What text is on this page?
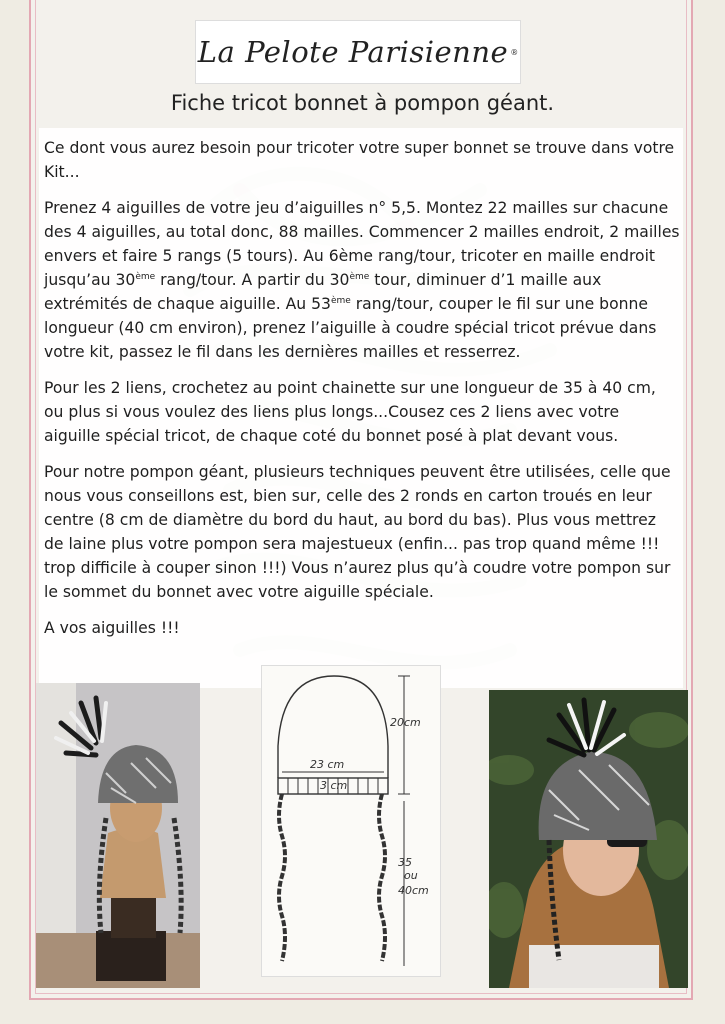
La Pelote Parisienne ®
Fiche tricot bonnet à pompon géant.

Ce dont vous aurez besoin pour tricoter votre super bonnet se trouve dans votre Kit...

Prenez 4 aiguilles de votre jeu d’aiguilles n° 5,5. Montez 22 mailles sur chacune des 4 aiguilles, au total donc, 88 mailles. Commencer 2 mailles endroit, 2 mailles envers et faire 5 rangs (5 tours). Au 6ème rang/tour, tricoter en maille endroit jusqu’au 30ème rang/tour. A partir du 30ème tour, diminuer d’1 maille aux extrémités de chaque aiguille. Au 53ème rang/tour, couper le fil sur une bonne longueur (40 cm environ), prenez l’aiguille à coudre spécial tricot prévue dans votre kit, passez le fil dans les dernières mailles et resserrez.

Pour les 2 liens, crochetez au point chainette sur une longueur de 35 à 40 cm, ou plus si vous voulez des liens plus longs...Cousez ces 2 liens avec votre aiguille spécial tricot, de chaque coté du bonnet posé à plat devant vous.

Pour notre pompon géant, plusieurs techniques peuvent être utilisées, celle que nous vous conseillons est, bien sur, celle des 2 ronds en carton troués en leur centre (8 cm de diamètre du bord du haut, au bord du bas). Plus vous mettrez de laine plus votre pompon sera majestueux (enfin... pas trop quand même !!! trop difficile à couper sinon !!!) Vous n’aurez plus qu’à coudre votre pompon sur le sommet du bonnet avec votre aiguille spéciale.

A vos aiguilles !!!

23 cm
3 cm
20cm
35
ou
40cm
